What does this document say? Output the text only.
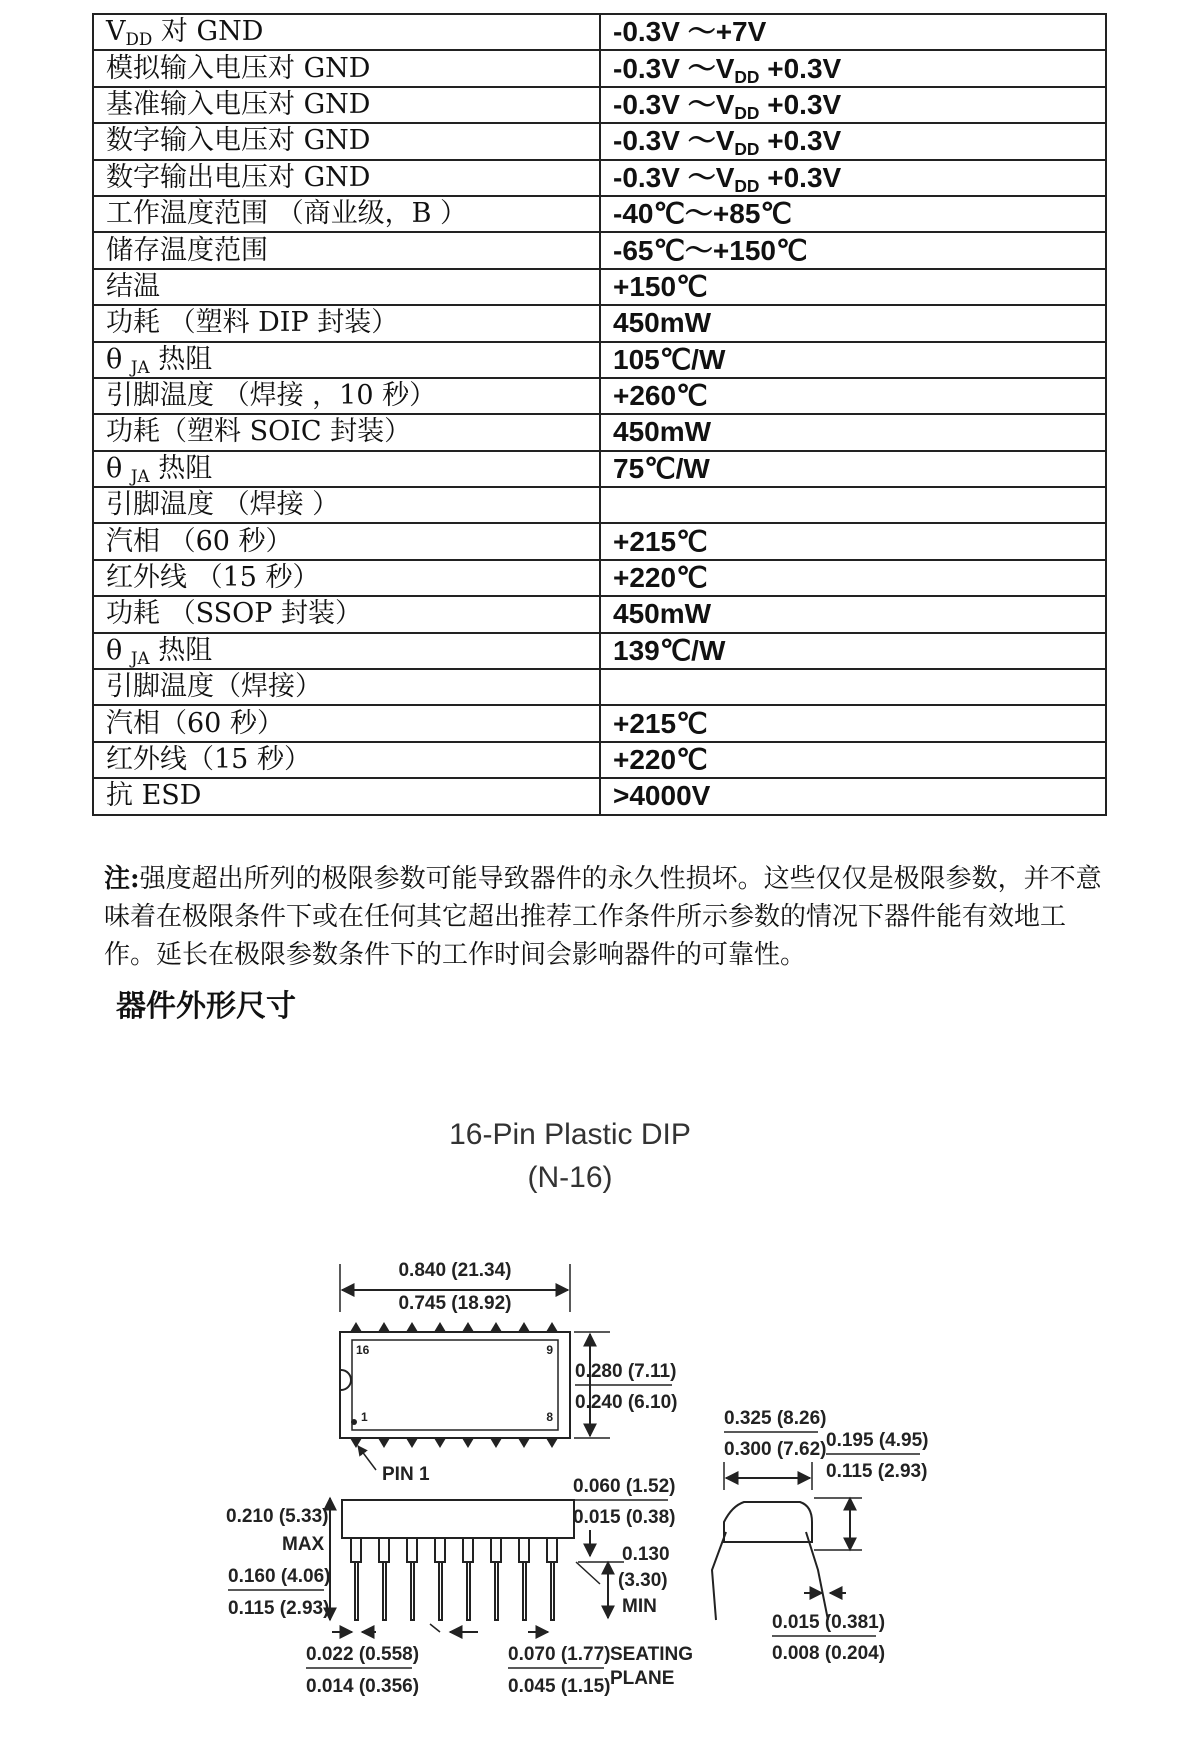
$V_{DD}$ 对 GND	-0.3V ～+7V
模拟输入电压对 GND	-0.3V $\sim V_{DD} +0.3V$
基准输入电压对 GND	-0.3V $\sim V_{DD} +0.3V$
数字输入电压对 GND	-0.3V $\sim V_{DD} +0.3V$
数字输出电压对 GND	-0.3V $\sim V_{DD} +0.3V$
工作温度范围 （商业级，B ）	-40℃～+85℃
储存温度范围	-65℃～+150℃
结温	+150℃
功耗 （塑料 DIP 封装）	450mW
θ $_{JA}$ 热阻	105℃/W
引脚温度 （焊接 ，10 秒）	+260℃
功耗（塑料 SOIC 封装）	450mW
θ $_{JA}$ 热阻	75℃/W
引脚温度 （焊接 ）	
汽相 （60 秒）	+215℃
红外线 （15 秒）	+220℃
功耗 （SSOP 封装）	450mW
θ $_{JA}$ 热阻	139℃/W
引脚温度（焊接）	
汽相（60 秒）	+215℃
红外线（15 秒）	+220℃
抗 ESD	>4000V

注:强度超出所列的极限参数可能导致器件的永久性损坏。这些仅仅是极限参数，并不意味着在极限条件下或在任何其它超出推荐工作条件所示参数的情况下器件能有效地工作。延长在极限参数条件下的工作时间会影响器件的可靠性。

器件外形尺寸

16-Pin Plastic DIP

(N-16)

0.840 (21.34)
0.745 (18.92)
16	9
1	8
PIN 1
0.280 (7.11)
0.240 (6.10)
0.210 (5.33)
MAX
0.160 (4.06)
0.115 (2.93)
0.060 (1.52)
0.015 (0.38)
0.130
(3.30)
MIN
0.022 (0.558)
0.014 (0.356)
0.070 (1.77)
0.045 (1.15)
SEATING
PLANE
0.325 (8.26)
0.300 (7.62) 0.195 (4.95)
0.115 (2.93)
0.015 (0.381)
0.008 (0.204)
